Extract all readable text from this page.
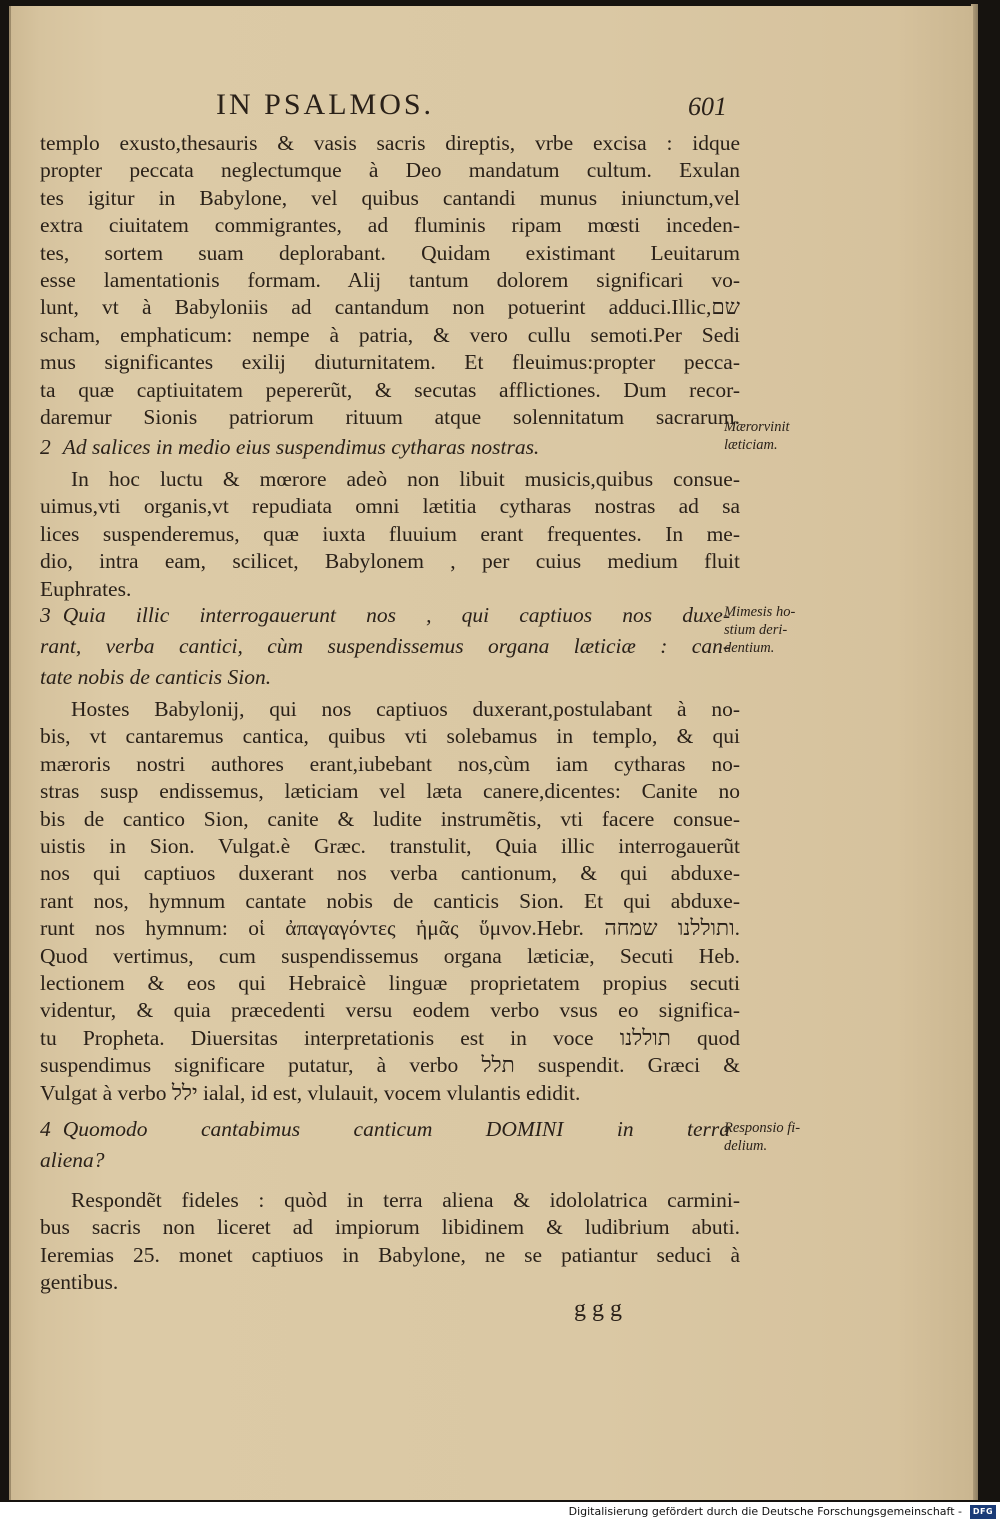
IN PSALMOS.	601
templo exusto,thesauris & vasis sacris direptis, vrbe excisa : idque
propter peccata neglectumque à Deo mandatum cultum. Exulan
tes igitur in Babylone, vel quibus cantandi munus iniunctum,vel
extra ciuitatem commigrantes, ad fluminis ripam mœsti inceden-
tes, sortem suam deplorabant. Quidam existimant Leuitarum
esse lamentationis formam. Alij tantum dolorem significari vo-
lunt, vt à Babyloniis ad cantandum non potuerint adduci.Illic,שם
scham, emphaticum: nempe à patria, & vero cullu semoti.Per Sedi
mus significantes exilij diuturnitatem. Et fleuimus:propter pecca-
ta quæ captiuitatem pepererũt, & secutas afflictiones. Dum recor-
daremur Sionis patriorum rituum atque solennitatum sacrarum.
2 Ad salices in medio eius suspendimus cytharas nostras.
In hoc luctu & mœrore adeò non libuit musicis,quibus consue-
uimus,vti organis,vt repudiata omni lætitia cytharas nostras ad sa
lices suspenderemus, quæ iuxta fluuium erant frequentes. In me-
dio, intra eam, scilicet, Babylonem , per cuius medium fluit
Euphrates.
3 Quia illic interrogauerunt nos , qui captiuos nos duxe-
rant, verba cantici, cùm suspendissemus organa læticiæ : can-
tate nobis de canticis Sion.
Hostes Babylonij, qui nos captiuos duxerant,postulabant à no-
bis, vt cantaremus cantica, quibus vti solebamus in templo, & qui
mæroris nostri authores erant,iubebant nos,cùm iam cytharas no-
stras susp endissemus, læticiam vel læta canere,dicentes: Canite no
bis de cantico Sion, canite & ludite instrumẽtis, vti facere consue-
uistis in Sion. Vulgat.è Græc. transtulit, Quia illic interrogauerũt
nos qui captiuos duxerant nos verba cantionum, & qui abduxe-
rant nos, hymnum cantate nobis de canticis Sion. Et qui abduxe-
runt nos hymnum: οἱ ἀπαγαγόντες ἡμᾶς ὕμνον.Hebr. ותוללנו שמחה.
Quod vertimus, cum suspendissemus organa læticiæ, Secuti Heb.
lectionem & eos qui Hebraicè linguæ proprietatem propius secuti
videntur, & quia præcedenti versu eodem verbo vsus eo significa-
tu Propheta. Diuersitas interpretationis est in voce תוללנו quod
suspendimus significare putatur, à verbo תלל suspendit. Græci &
Vulgat à verbo ילל ialal, id est, vlulauit, vocem vlulantis edidit.
4 Quomodo cantabimus canticum DOMINI in terra
aliena?
Respondẽt fideles : quòd in terra aliena & idololatrica carmini-
bus sacris non liceret ad impiorum libidinem & ludibrium abuti.
Ieremias 25. monet captiuos in Babylone, ne se patiantur seduci à
gentibus.
Mærorvinit
læticiam.
Mimesis ho-
stium deri-
dentium.
Responsio fi-
delium.
ggg
Digitalisierung gefördert durch die Deutsche Forschungsgemeinschaft -	DFG
